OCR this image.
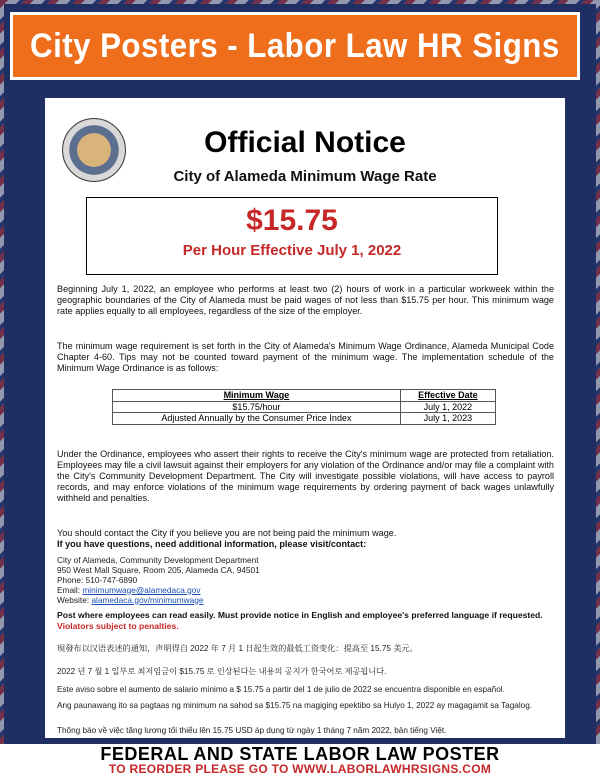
City Posters - Labor Law HR Signs
Official Notice
City of Alameda Minimum Wage Rate
$15.75
Per Hour Effective July 1, 2022
Beginning July 1, 2022, an employee who performs at least two (2) hours of work in a particular workweek within the geographic boundaries of the City of Alameda must be paid wages of not less than $15.75 per hour. This minimum wage rate applies equally to all employees, regardless of the size of the employer.
The minimum wage requirement is set forth in the City of Alameda's Minimum Wage Ordinance, Alameda Municipal Code Chapter 4-60. Tips may not be counted toward payment of the minimum wage. The implementation schedule of the Minimum Wage Ordinance is as follows:
Minimum Wage	Effective Date
$15.75/hour	July 1, 2022
Adjusted Annually by the Consumer Price Index	July 1, 2023
Under the Ordinance, employees who assert their rights to receive the City's minimum wage are protected from retaliation. Employees may file a civil lawsuit against their employers for any violation of the Ordinance and/or may file a complaint with the City's Community Development Department. The City will investigate possible violations, will have access to payroll records, and may enforce violations of the minimum wage requirements by ordering payment of back wages unlawfully withheld and penalties.
You should contact the City if you believe you are not being paid the minimum wage.
If you have questions, need additional information, please visit/contact:
City of Alameda, Community Development Department
950 West Mall Square, Room 205, Alameda CA, 94501
Phone: 510-747-6890
Email: minimumwage@alamedaca.gov
Website: alamedaca.gov/minimumwage
Post where employees can read easily. Must provide notice in English and employee's preferred language if requested. Violators subject to penalties.
現發布以汉语表述的通知，声明得自 2022 年 7 月 1 日起生效的最低工资变化：提高至 15.75 美元。
2022 년 7 월 1 일부로 최저임금이 $15.75 로 인상된다는 내용의 공지가 한국어로 제공됩니다.
Este aviso sobre el aumento de salario mínimo a $ 15.75 a partir del 1 de julio de 2022 se encuentra disponible en español.
Ang paunawang ito sa pagtaas ng minimum na sahod sa $15.75 na magiging epektibo sa Hulyo 1, 2022 ay magagamit sa Tagalog.
Thông báo về việc tăng lương tối thiểu lên 15.75 USD áp dụng từ ngày 1 tháng 7 năm 2022, bản tiếng Việt.
FEDERAL AND STATE LABOR LAW POSTER
TO REORDER PLEASE GO TO WWW.LABORLAWHRSIGNS.COM
